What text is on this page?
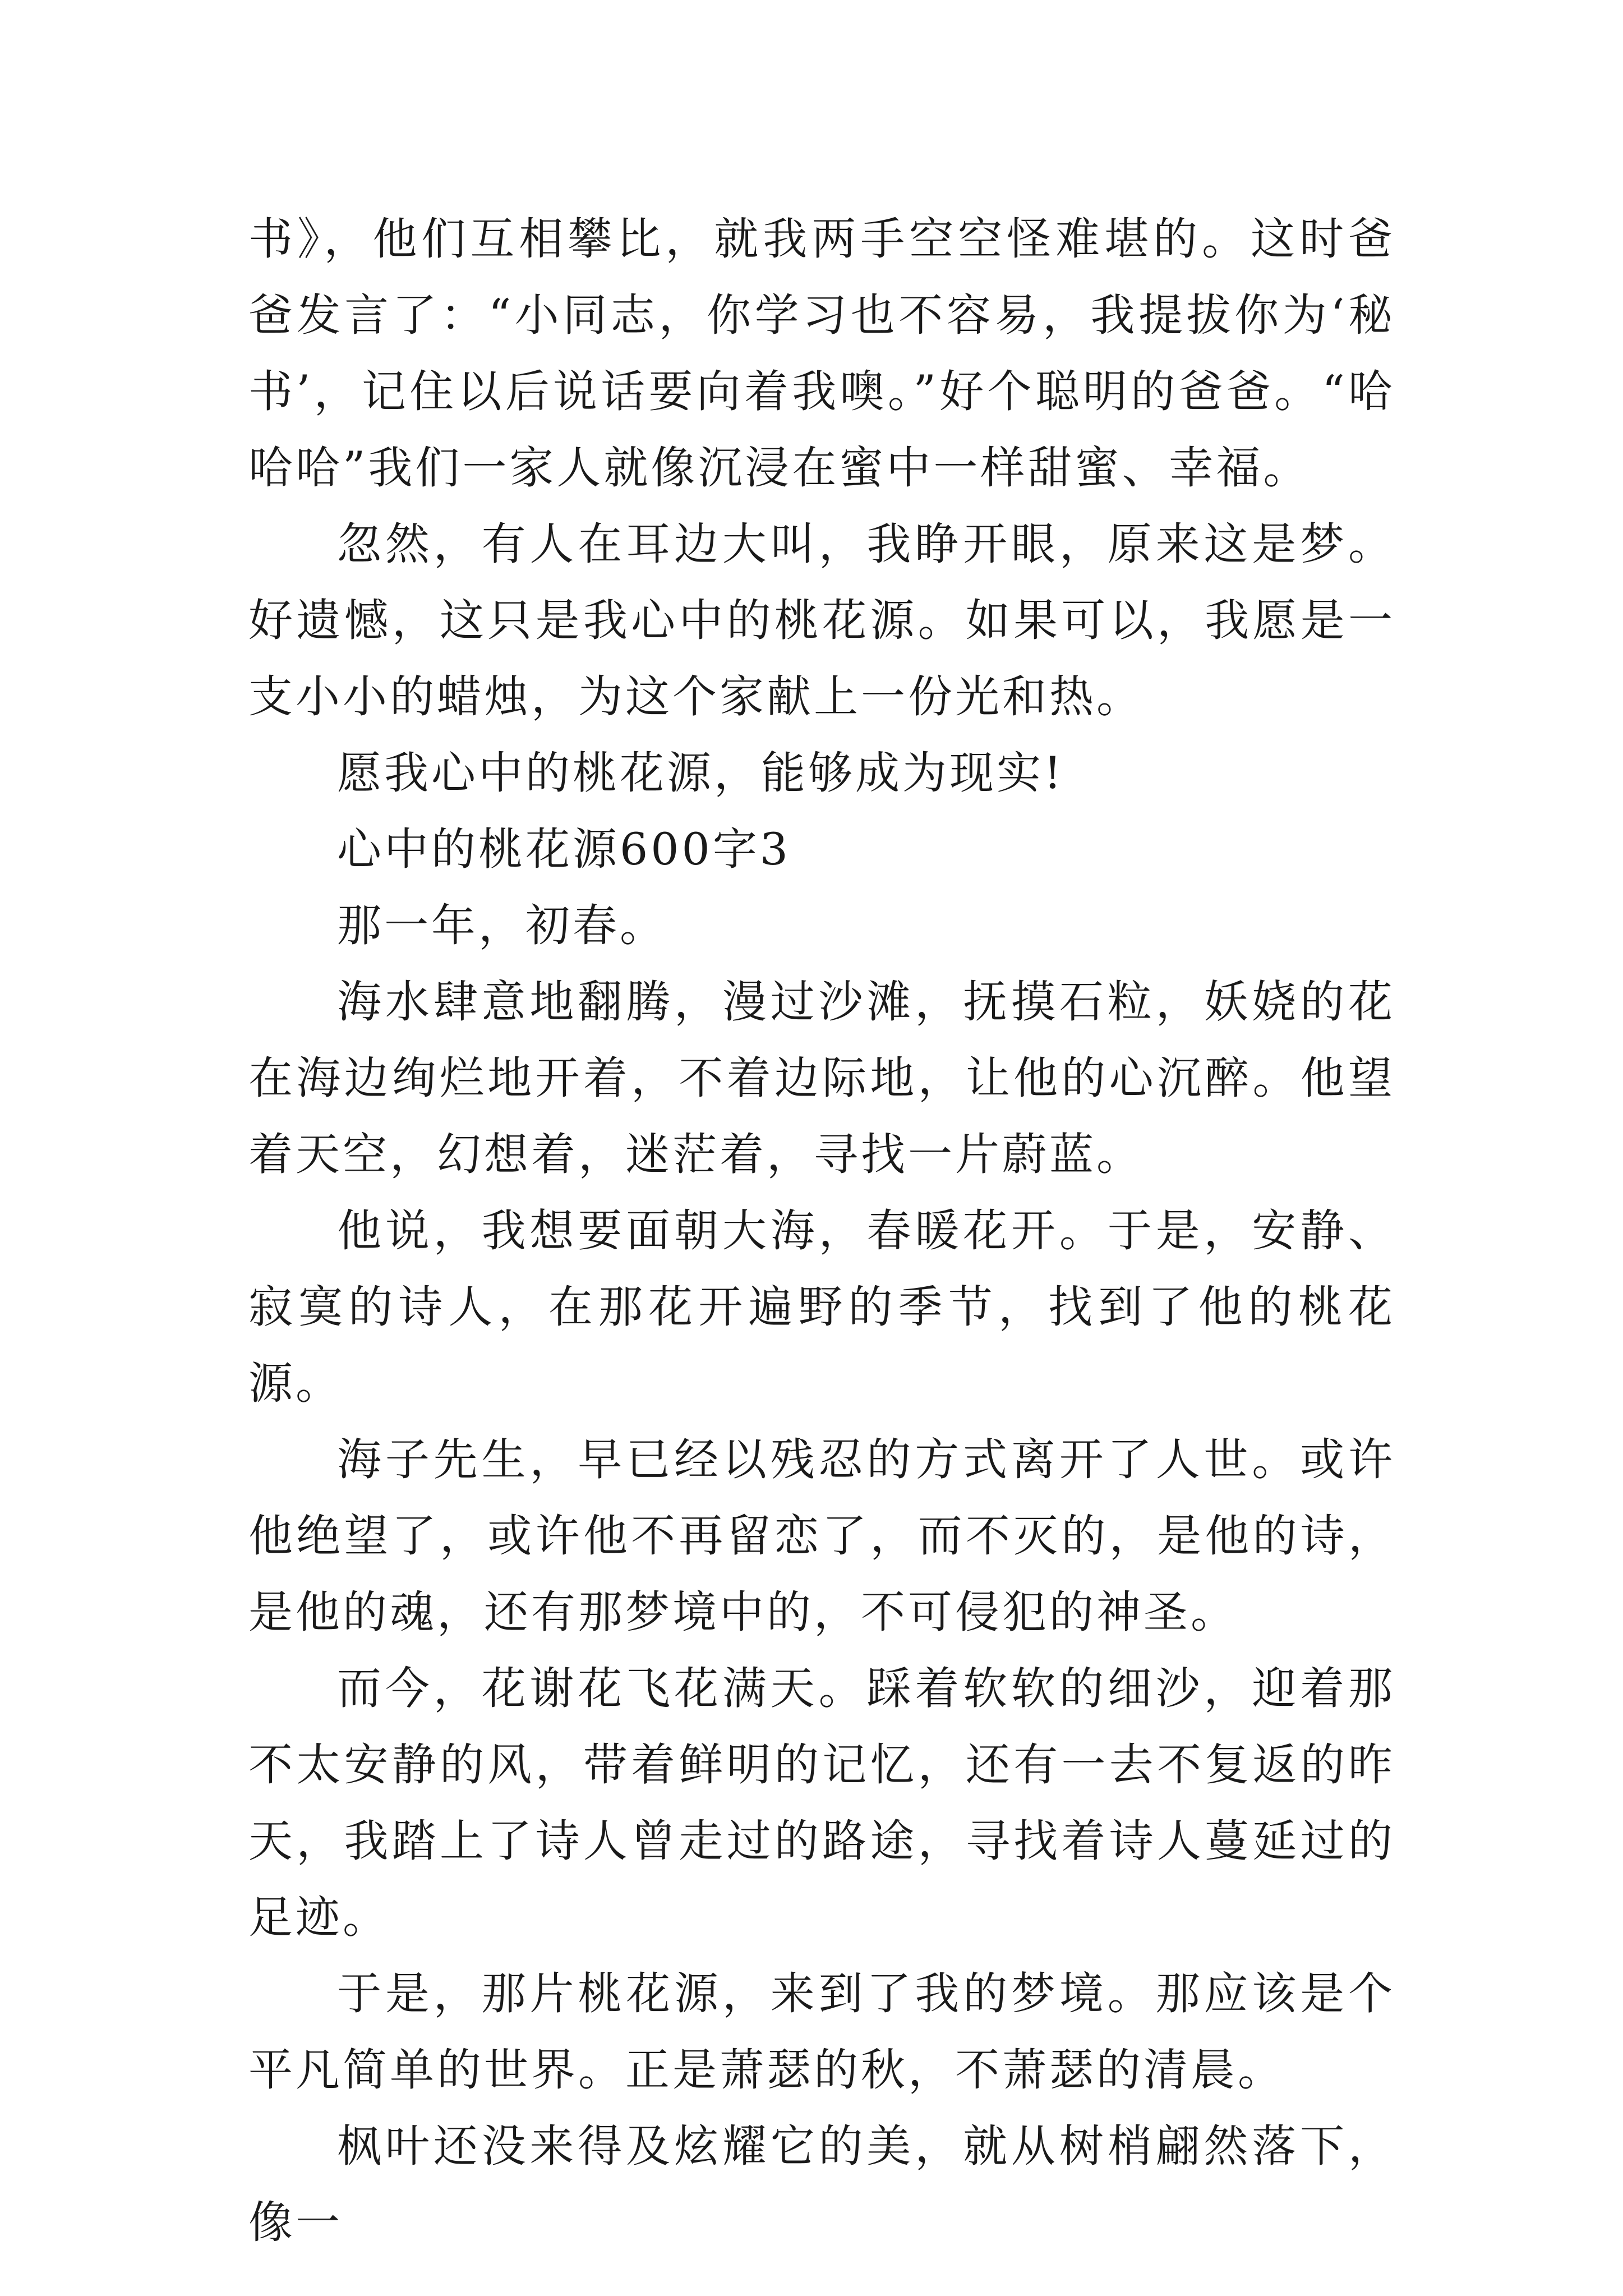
书》，他们互相攀比，就我两手空空怪难堪的。这时爸爸发言了：“小同志，你学习也不容易，我提拔你为‘秘书’，记住以后说话要向着我噢。”好个聪明的爸爸。“哈哈哈”我们一家人就像沉浸在蜜中一样甜蜜、幸福。

忽然，有人在耳边大叫，我睁开眼，原来这是梦。好遗憾，这只是我心中的桃花源。如果可以，我愿是一支小小的蜡烛，为这个家献上一份光和热。

愿我心中的桃花源，能够成为现实!

心中的桃花源600字3

那一年，初春。

海水肆意地翻腾，漫过沙滩，抚摸石粒，妖娆的花在海边绚烂地开着，不着边际地，让他的心沉醉。他望着天空，幻想着，迷茫着，寻找一片蔚蓝。

他说，我想要面朝大海，春暖花开。于是，安静、寂寞的诗人，在那花开遍野的季节，找到了他的桃花源。

海子先生，早已经以残忍的方式离开了人世。或许他绝望了，或许他不再留恋了，而不灭的，是他的诗，是他的魂，还有那梦境中的，不可侵犯的神圣。

而今，花谢花飞花满天。踩着软软的细沙，迎着那不太安静的风，带着鲜明的记忆，还有一去不复返的昨天，我踏上了诗人曾走过的路途，寻找着诗人蔓延过的足迹。

于是，那片桃花源，来到了我的梦境。那应该是个平凡简单的世界。正是萧瑟的秋，不萧瑟的清晨。

枫叶还没来得及炫耀它的美，就从树梢翩然落下，像一
